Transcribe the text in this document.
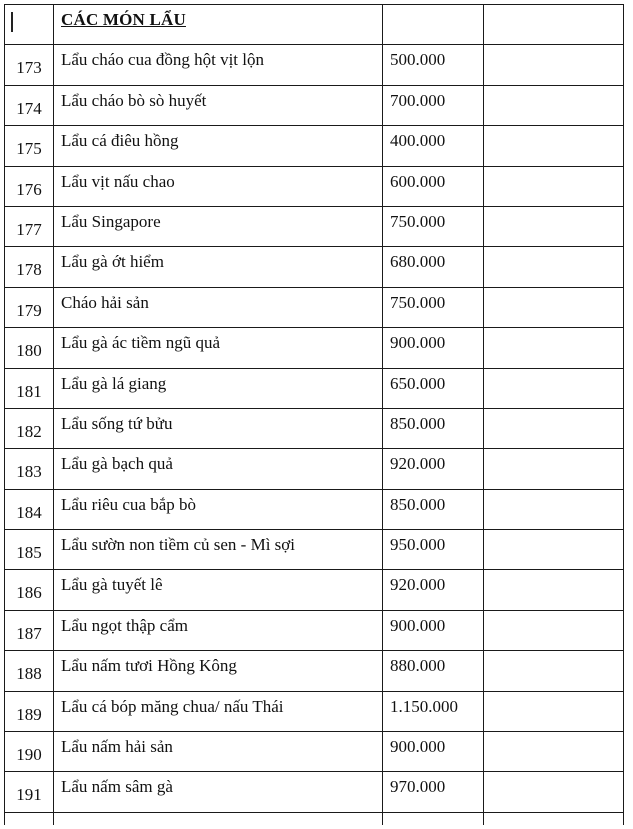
	CÁC MÓN LẨU		

173	Lẩu cháo cua đồng hột vịt lộn	500.000	

174	Lẩu cháo bò sò huyết	700.000	

175	Lẩu cá điêu hồng	400.000	

176	Lẩu vịt nấu chao	600.000	

177	Lẩu Singapore	750.000	

178	Lẩu gà ớt hiểm	680.000	

179	Cháo hải sản	750.000	

180	Lẩu gà ác tiềm ngũ quả	900.000	

181	Lẩu gà lá giang	650.000	

182	Lẩu sống tứ bửu	850.000	

183	Lẩu gà bạch quả	920.000	

184	Lẩu riêu cua bắp bò	850.000	

185	Lẩu sườn non tiềm củ sen - Mì sợi	950.000	

186	Lẩu gà tuyết lê	920.000	

187	Lẩu ngọt thập cẩm	900.000	

188	Lẩu nấm tươi Hồng Kông	880.000	

189	Lẩu cá bóp măng chua/ nấu Thái	1.150.000	

190	Lẩu nấm hải sản	900.000	

191	Lẩu nấm sâm gà	970.000	
